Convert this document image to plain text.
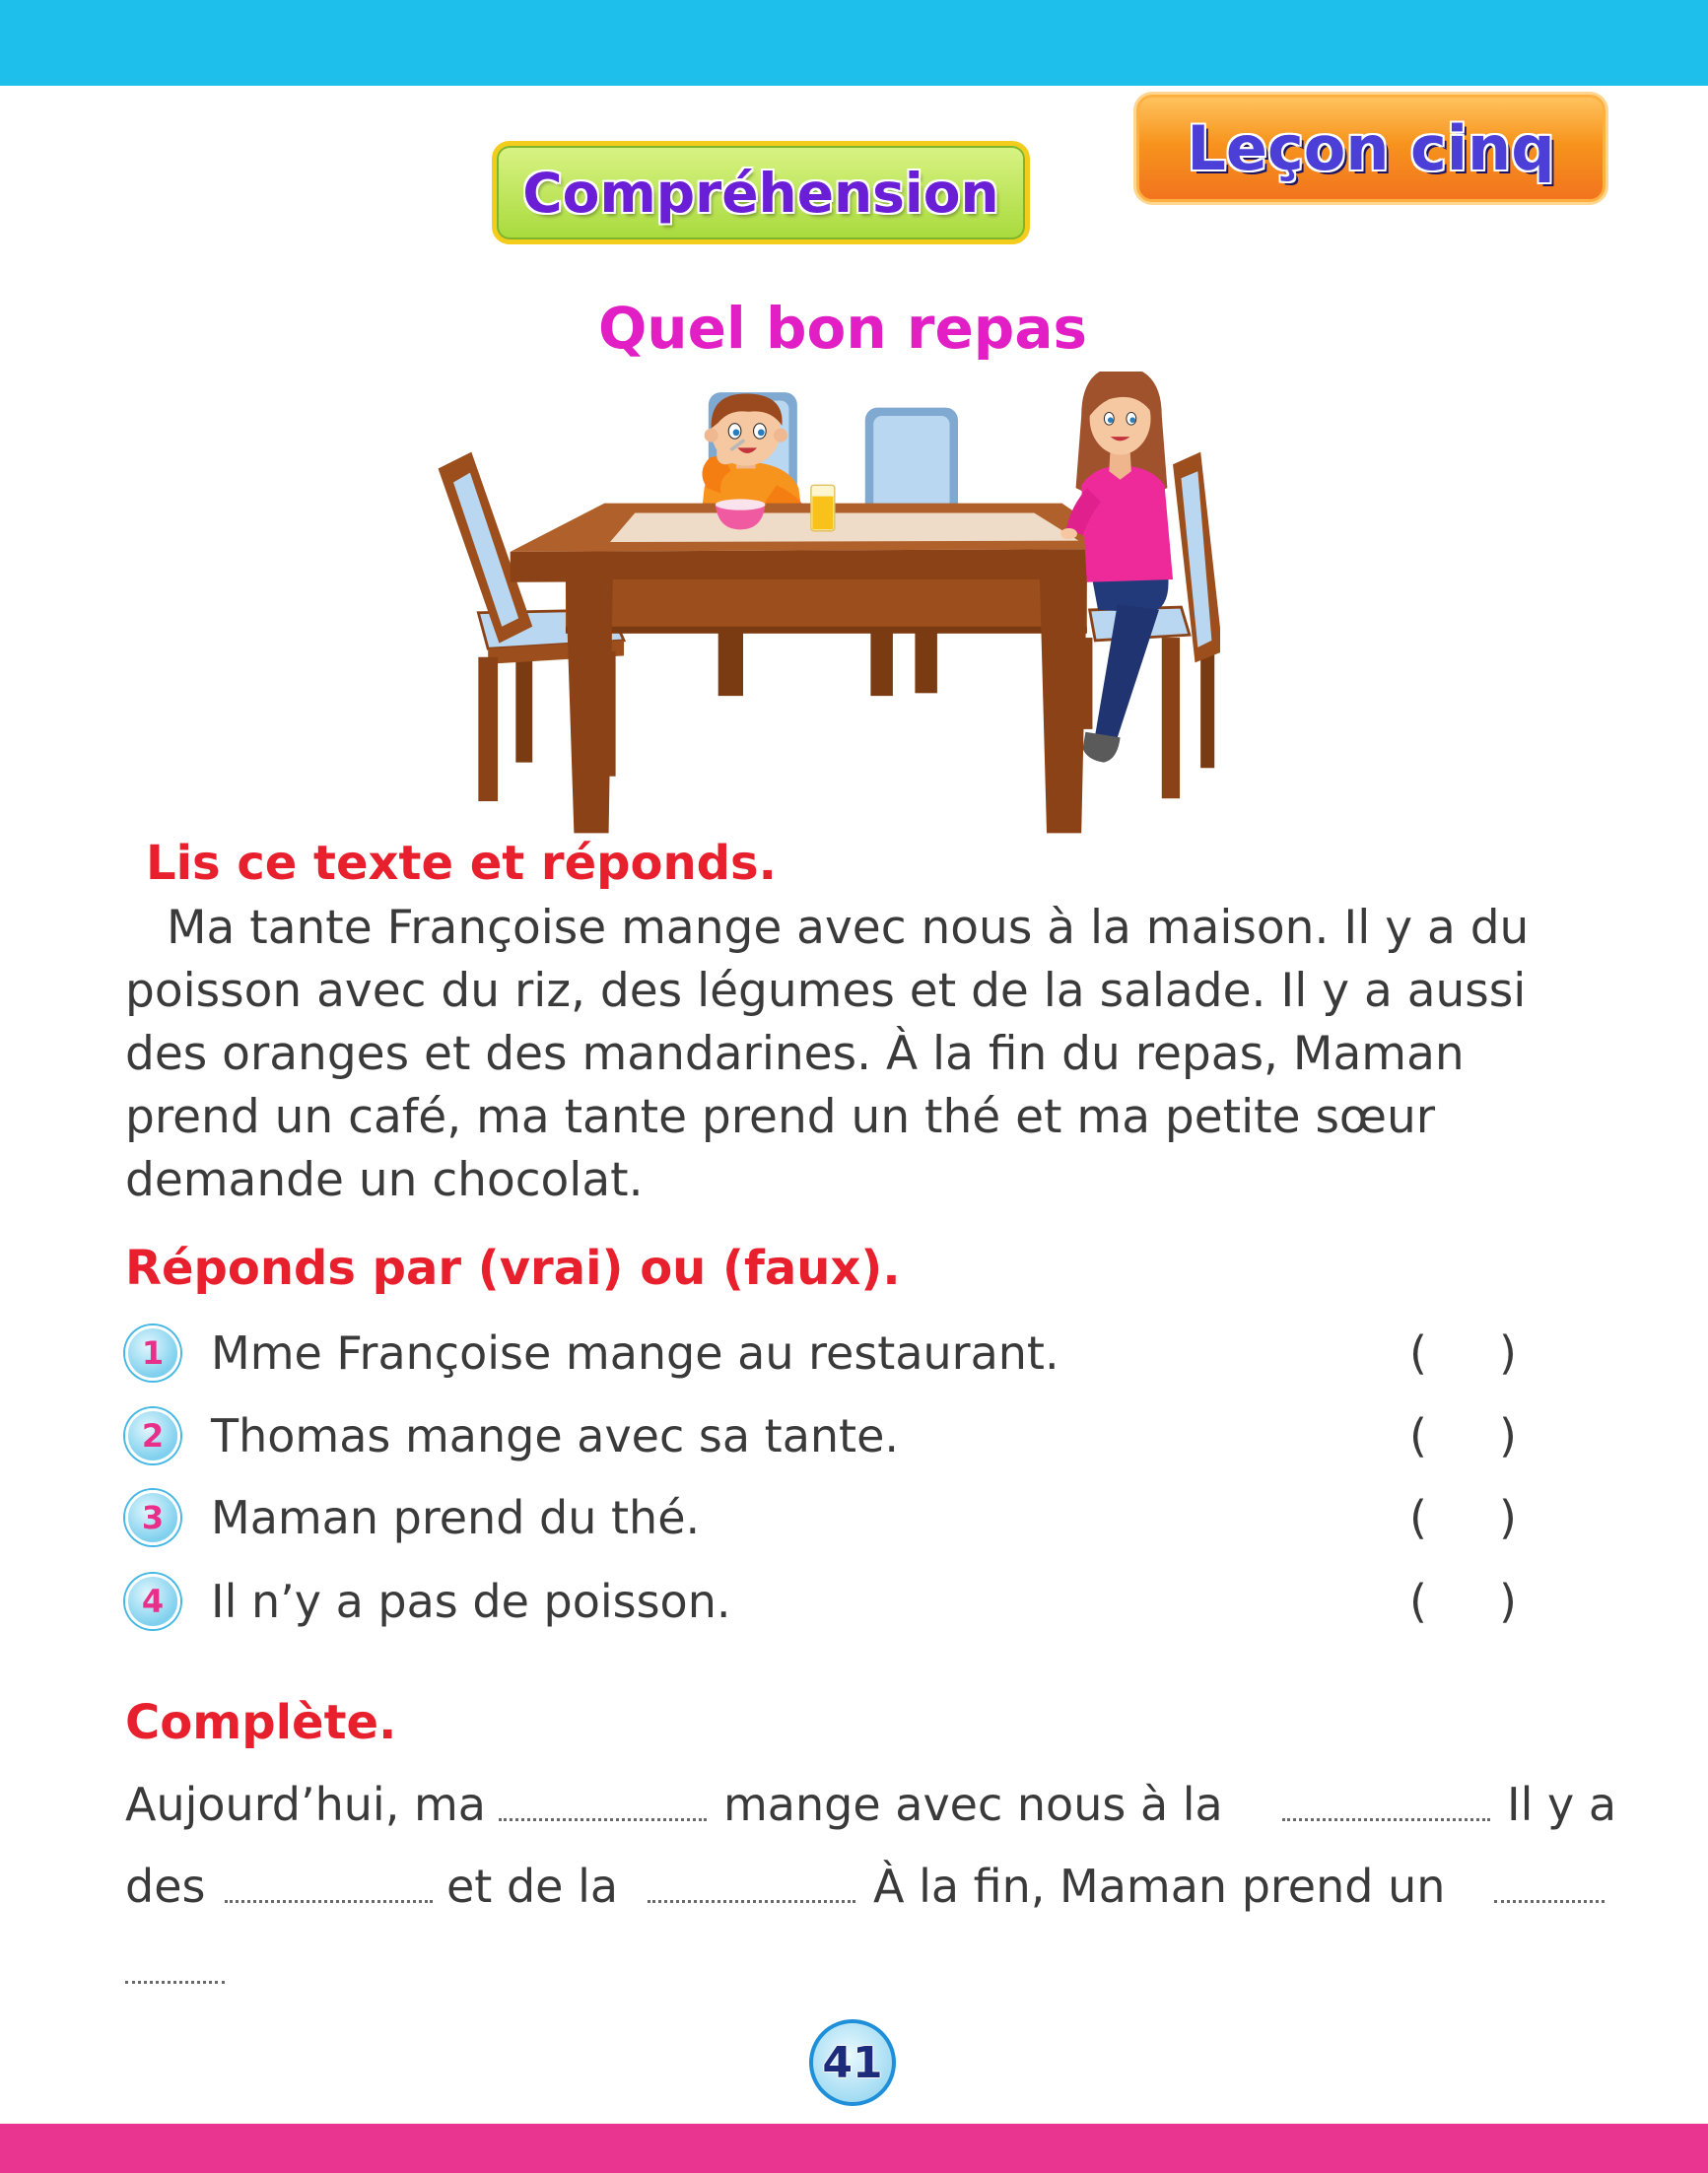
Compréhension
Leçon cinq
Quel bon repas
Lis ce texte et réponds.
Ma tante Françoise mange avec nous à la maison. Il y a du
poisson avec du riz, des légumes et de la salade. Il y a aussi
des oranges et des mandarines. À la fin du repas, Maman
prend un café, ma tante prend un thé et ma petite sœur
demande un chocolat.
Réponds par (vrai) ou (faux).
1	Mme Françoise mange au restaurant.	(     )
2	Thomas mange avec sa tante.	(     )
3	Maman prend du thé.	(     )
4	Il n’y a pas de poisson.	(     )
Complète.
Aujourd’hui, ma	mange avec nous à la	Il y a
des	et de la	À la fin, Maman prend un
41
